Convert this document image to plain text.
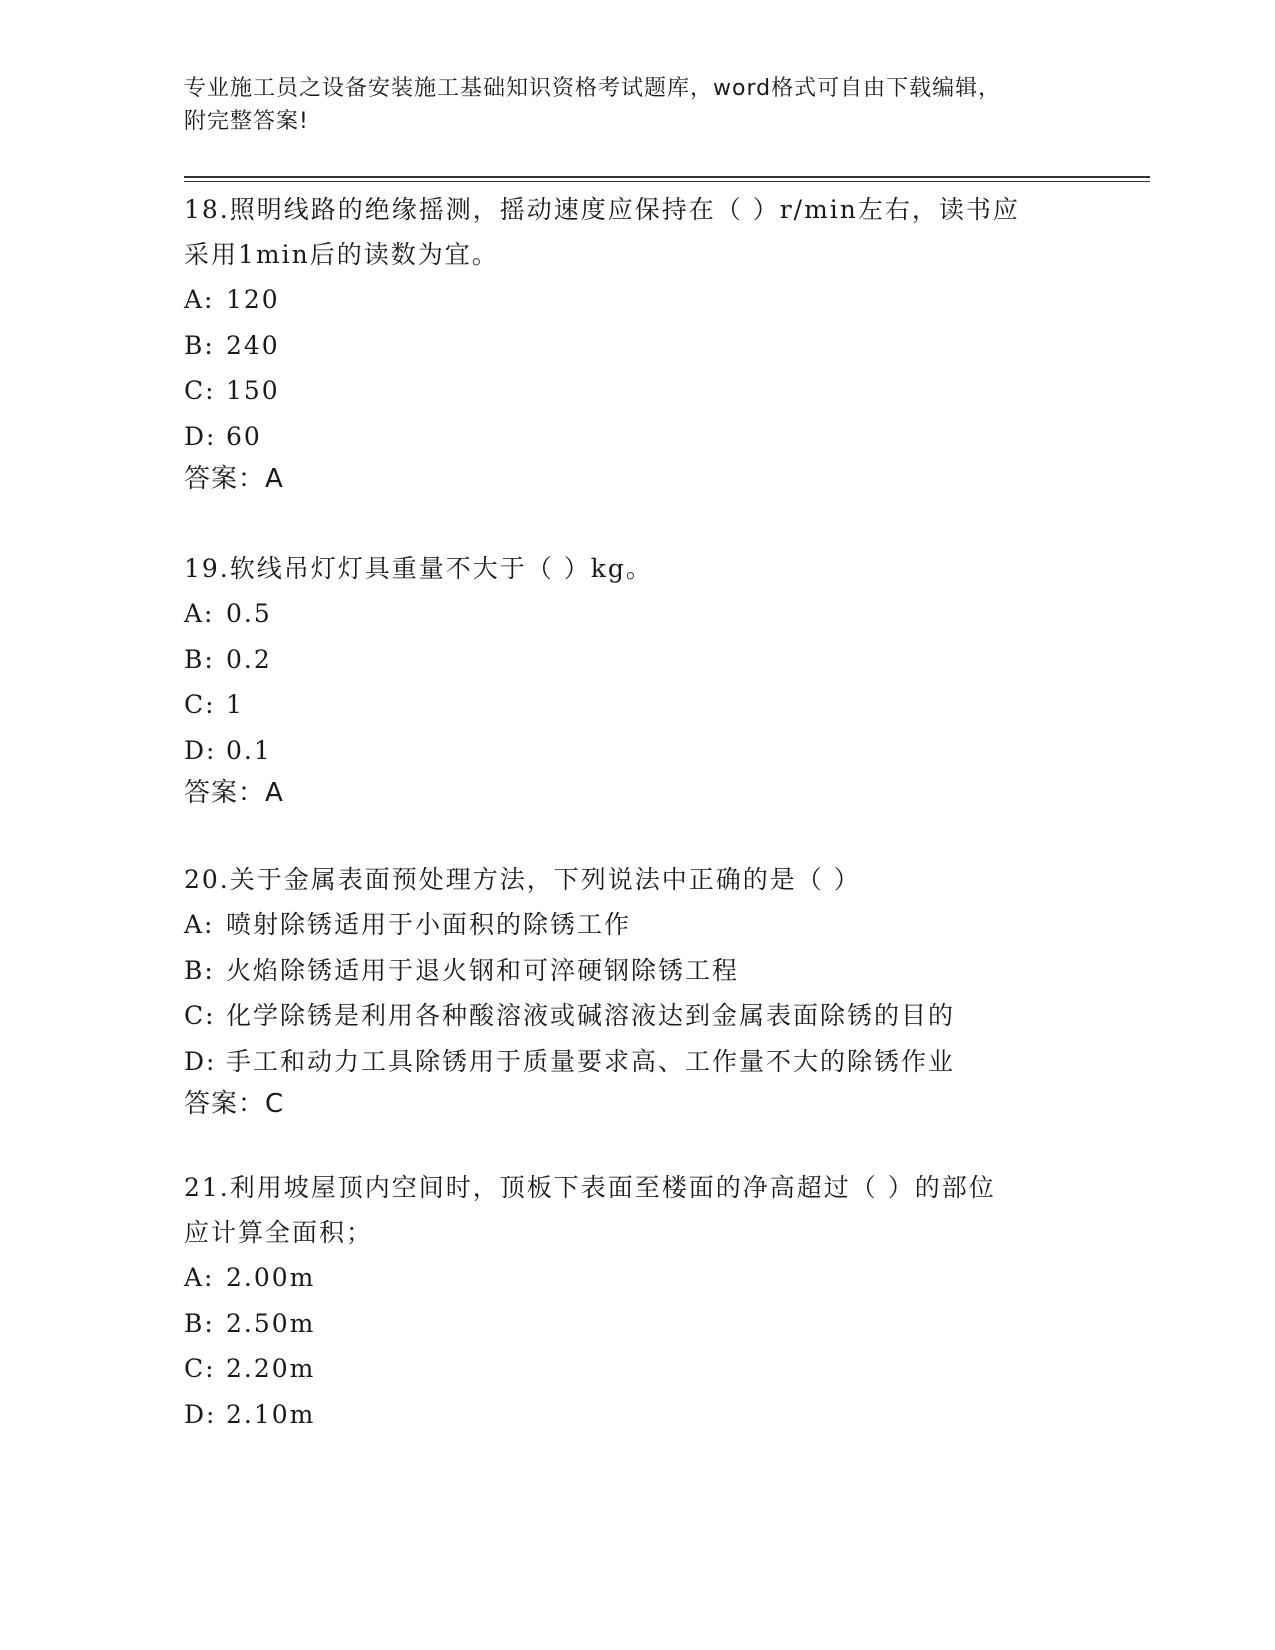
专业施工员之设备安装施工基础知识资格考试题库，word格式可自由下载编辑，
附完整答案!
18.照明线路的绝缘摇测，摇动速度应保持在（ ）r/min左右，读书应
采用1min后的读数为宜。
A: 120
B: 240
C: 150
D: 60
答案：A
19.软线吊灯灯具重量不大于（ ）kg。
A: 0.5
B: 0.2
C: 1
D: 0.1
答案：A
20.关于金属表面预处理方法，下列说法中正确的是（ ）
A: 喷射除锈适用于小面积的除锈工作
B: 火焰除锈适用于退火钢和可淬硬钢除锈工程
C: 化学除锈是利用各种酸溶液或碱溶液达到金属表面除锈的目的
D: 手工和动力工具除锈用于质量要求高、工作量不大的除锈作业
答案：C
21.利用坡屋顶内空间时，顶板下表面至楼面的净高超过（ ）的部位
应计算全面积；
A: 2.00m
B: 2.50m
C: 2.20m
D: 2.10m
